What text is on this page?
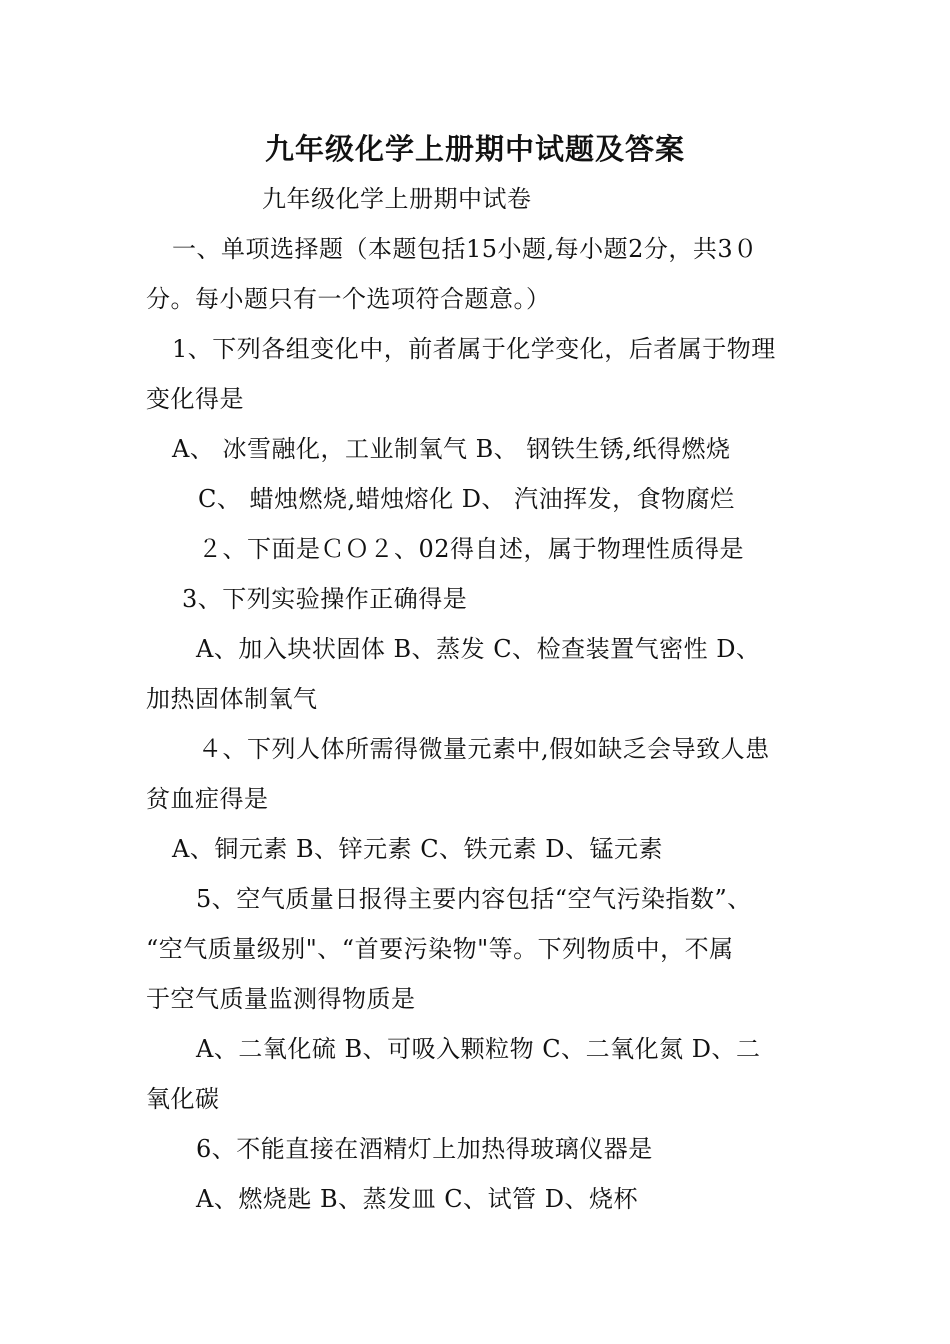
九年级化学上册期中试题及答案
九年级化学上册期中试卷
一、单项选择题（本题包括15小题,每小题2分，共3０
分。每小题只有一个选项符合题意。）
1、下列各组变化中，前者属于化学变化，后者属于物理
变化得是
A、 冰雪融化，工业制氧气 B、 钢铁生锈,纸得燃烧
C、 蜡烛燃烧,蜡烛熔化 D、 汽油挥发，食物腐烂
２、下面是ＣＯ２、02得自述，属于物理性质得是
3、下列实验操作正确得是
A、加入块状固体 B、蒸发 C、检查装置气密性 D、
加热固体制氧气
４、下列人体所需得微量元素中,假如缺乏会导致人患
贫血症得是
A、铜元素 B、锌元素 C、铁元素 D、锰元素
5、空气质量日报得主要内容包括“空气污染指数”、
“空气质量级别"、“首要污染物"等。下列物质中，不属
于空气质量监测得物质是
A、二氧化硫 B、可吸入颗粒物 C、二氧化氮 D、二
氧化碳
6、不能直接在酒精灯上加热得玻璃仪器是
A、燃烧匙 B、蒸发皿 C、试管 D、烧杯
